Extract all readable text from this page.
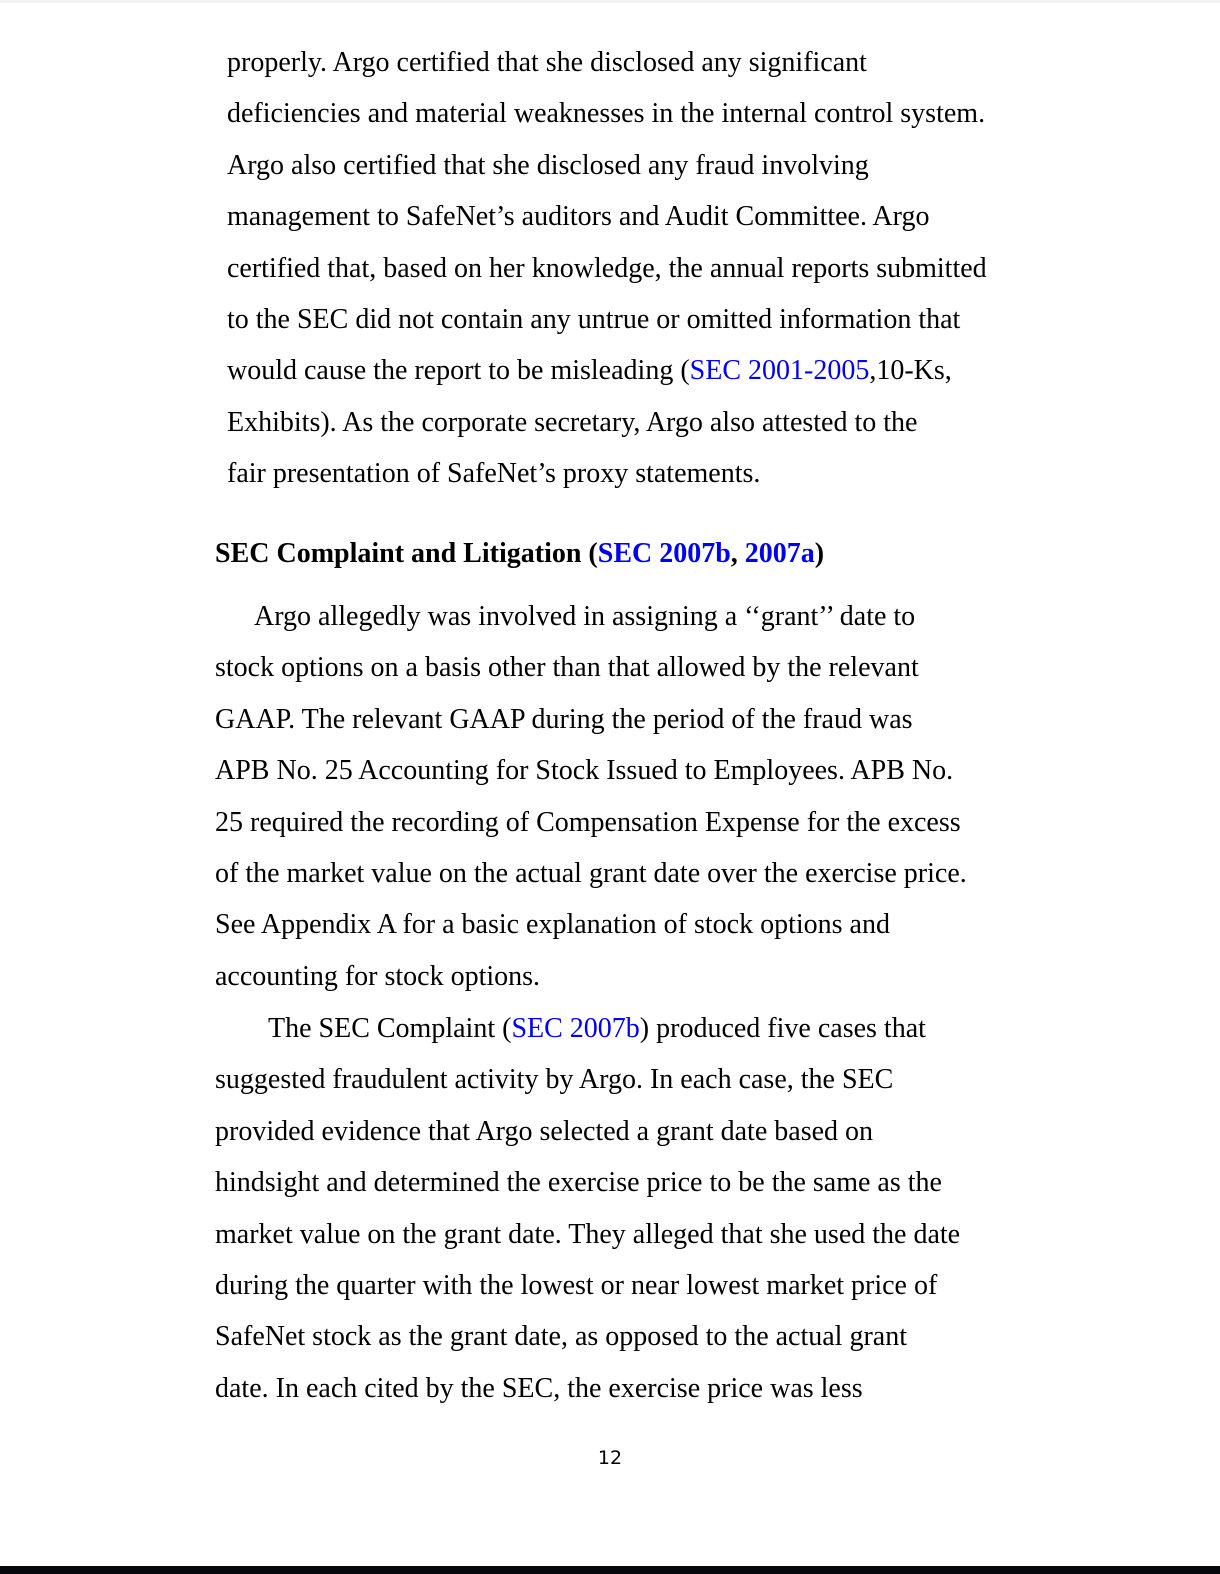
properly. Argo certified that she disclosed any significant
deficiencies and material weaknesses in the internal control system.
Argo also certified that she disclosed any fraud involving
management to SafeNet’s auditors and Audit Committee. Argo
certified that, based on her knowledge, the annual reports submitted
to the SEC did not contain any untrue or omitted information that
would cause the report to be misleading (SEC 2001-2005,10-Ks,
Exhibits). As the corporate secretary, Argo also attested to the
fair presentation of SafeNet’s proxy statements.
SEC Complaint and Litigation (SEC 2007b, 2007a)
Argo allegedly was involved in assigning a ‘‘grant’’ date to
stock options on a basis other than that allowed by the relevant
GAAP. The relevant GAAP during the period of the fraud was
APB No. 25 Accounting for Stock Issued to Employees. APB No.
25 required the recording of Compensation Expense for the excess
of the market value on the actual grant date over the exercise price.
See Appendix A for a basic explanation of stock options and
accounting for stock options.
The SEC Complaint (SEC 2007b) produced five cases that
suggested fraudulent activity by Argo. In each case, the SEC
provided evidence that Argo selected a grant date based on
hindsight and determined the exercise price to be the same as the
market value on the grant date. They alleged that she used the date
during the quarter with the lowest or near lowest market price of
SafeNet stock as the grant date, as opposed to the actual grant
date. In each cited by the SEC, the exercise price was less
12
